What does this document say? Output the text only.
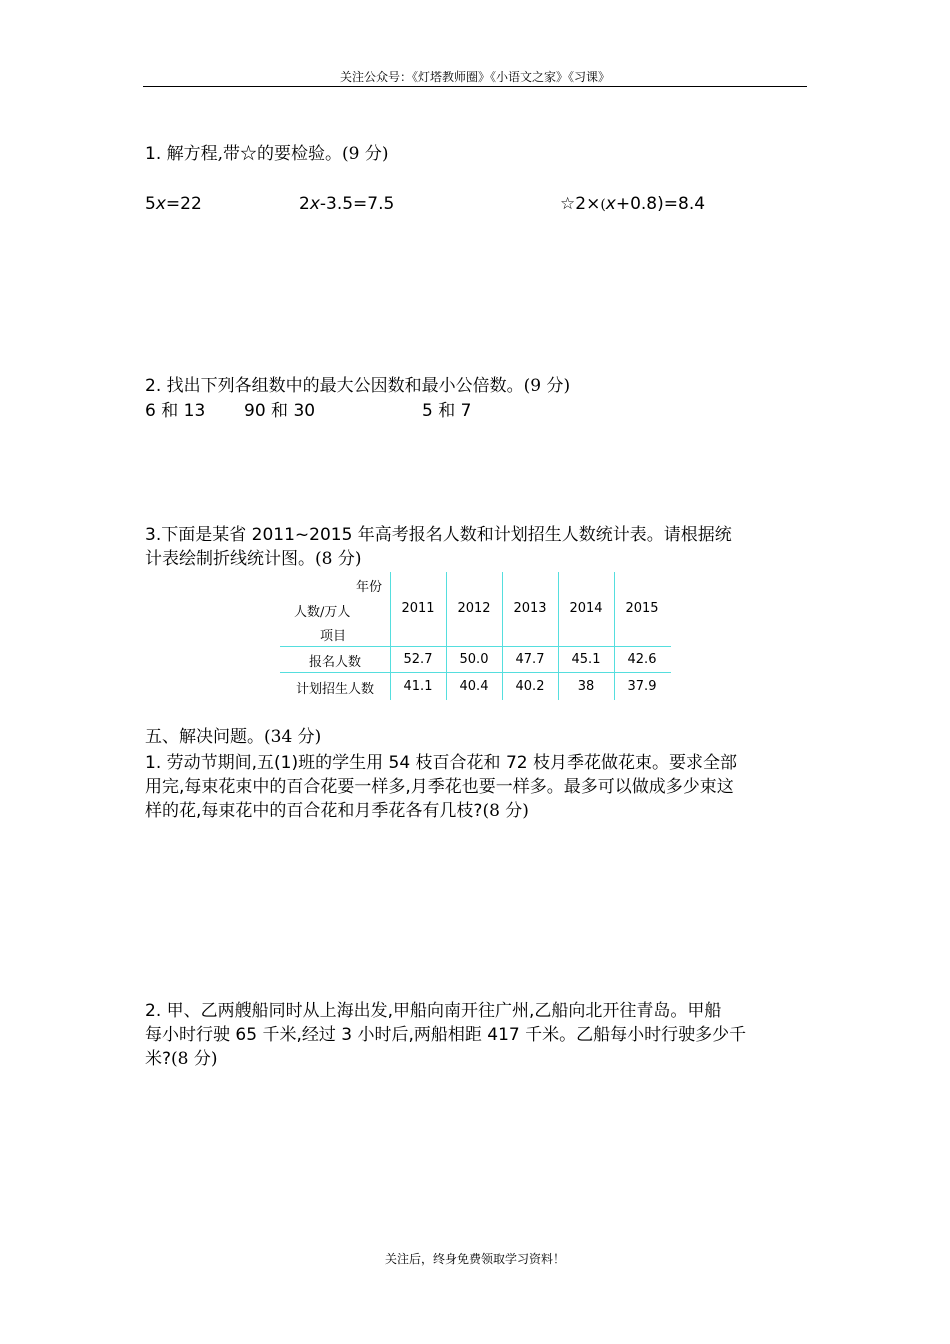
关注公众号：《灯塔教师圈》《小语文之家》《习课》
1. 解方程,带☆的要检验。(9 分)
5x=22	2x-3.5=7.5	☆2×(x+0.8)=8.4
2. 找出下列各组数中的最大公因数和最小公倍数。(9 分)
6 和 13 90 和 30	5 和 7
3.下面是某省 2011~2015 年高考报名人数和计划招生人数统计表。请根据统
计表绘制折线统计图。(8 分)
年份
人数/万人
项目
2011	2012	2013	2014	2015
报名人数	52.7	50.0	47.7	45.1	42.6
计划招生人数	41.1	40.4	40.2	38	37.9
五、解决问题。(34 分)
1. 劳动节期间,五(1)班的学生用 54 枝百合花和 72 枝月季花做花束。要求全部
用完,每束花束中的百合花要一样多,月季花也要一样多。最多可以做成多少束这
样的花,每束花中的百合花和月季花各有几枝?(8 分)
2. 甲、乙两艘船同时从上海出发,甲船向南开往广州,乙船向北开往青岛。甲船
每小时行驶 65 千米,经过 3 小时后,两船相距 417 千米。乙船每小时行驶多少千
米?(8 分)
关注后，终身免费领取学习资料！
